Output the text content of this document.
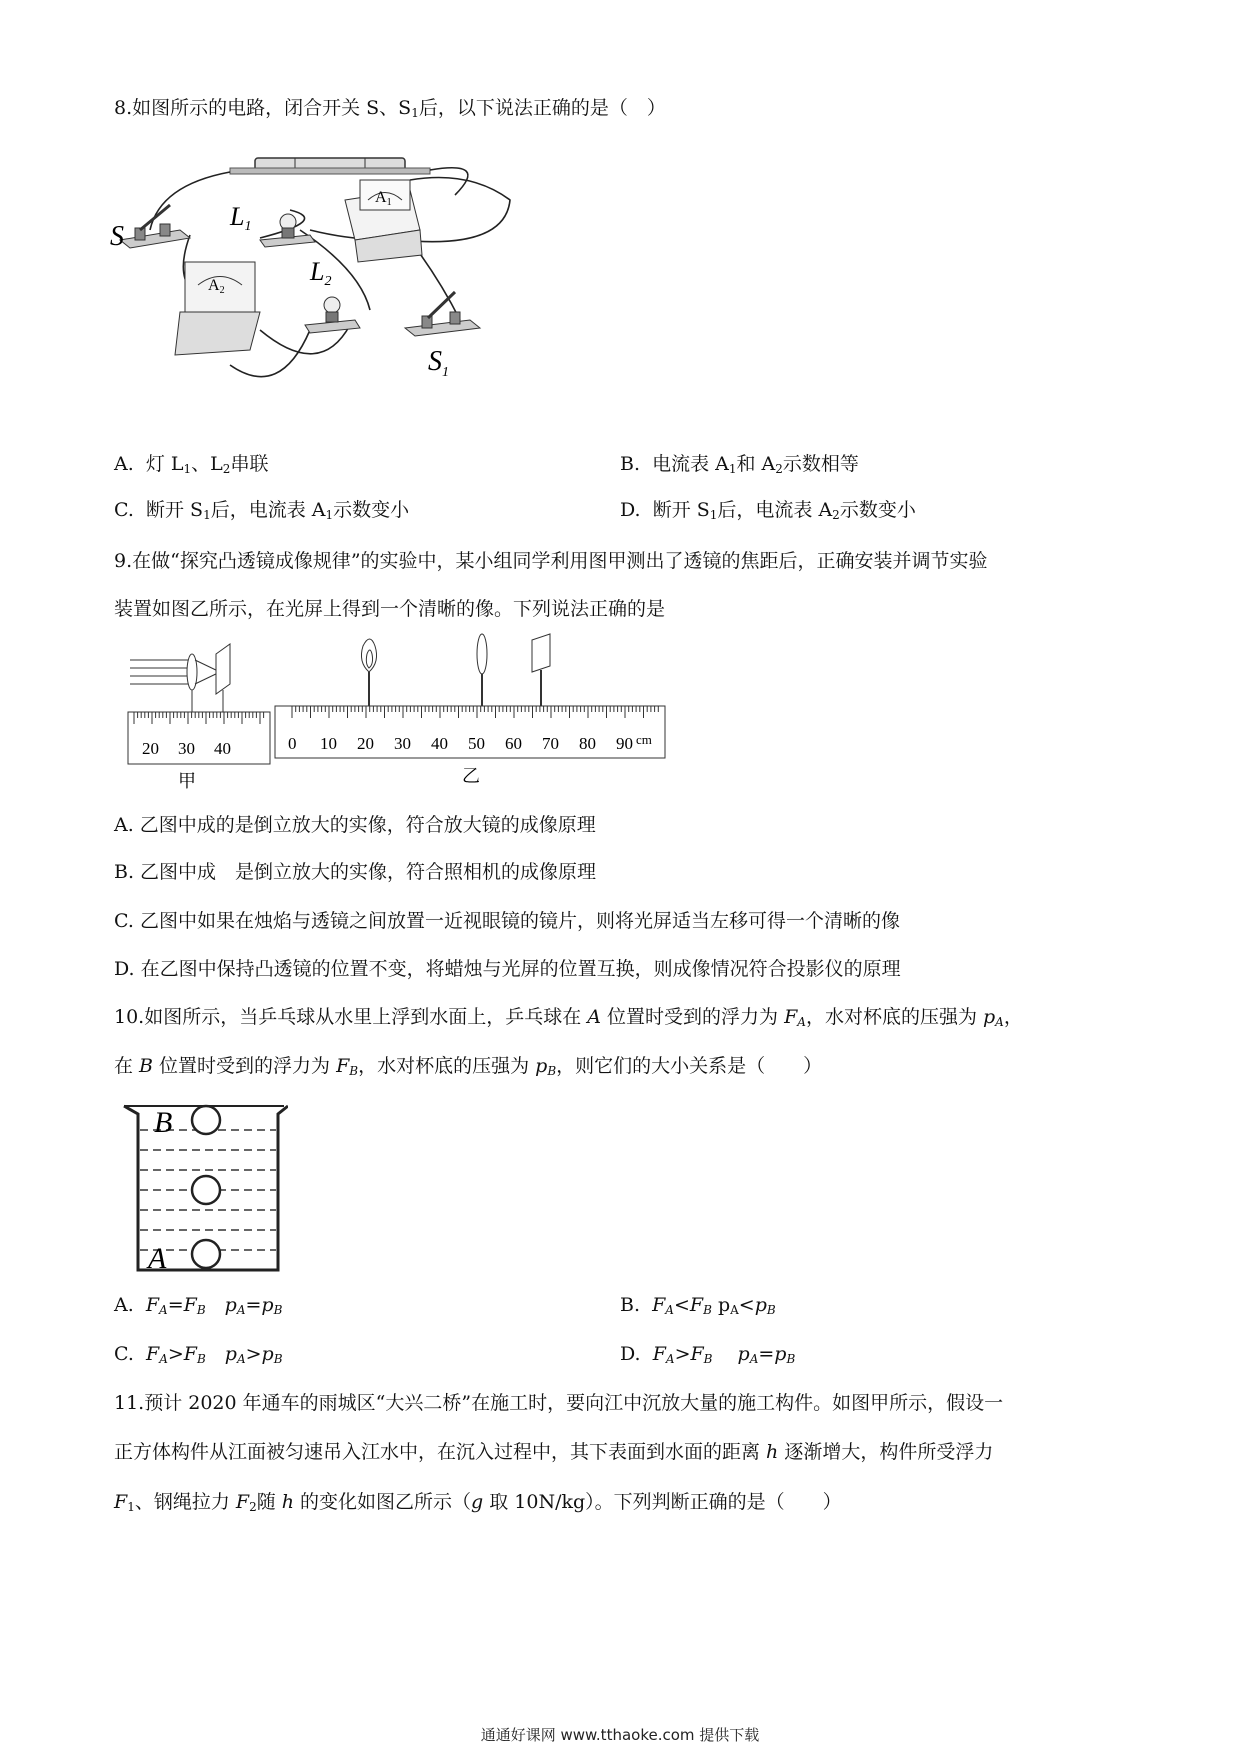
8.如图所示的电路，闭合开关 S、$S_1$后，以下说法正确的是（　）
S
L1
A1
A2
L2
$S_1$
A. 灯 $L_1$、$L_2$串联	B. 电流表 $A_1$和 $A_2$示数相等
C. 断开 $S_1$后，电流表 $A_1$示数变小	D. 断开 $S_1$后，电流表 $A_2$示数变小
9.在做“探究凸透镜成像规律”的实验中，某小组同学利用图甲测出了透镜的焦距后，正确安装并调节实验
装置如图乙所示，在光屏上得到一个清晰的像。下列说法正确的是
20 30 40
甲
0 10 20 30 40 50 60 70 80 90 cm
乙
A. 乙图中成的是倒立放大的实像，符合放大镜的成像原理
B. 乙图中成　是倒立放大的实像，符合照相机的成像原理
C. 乙图中如果在烛焰与透镜之间放置一近视眼镜的镜片，则将光屏适当左移可得一个清晰的像
D. 在乙图中保持凸透镜的位置不变，将蜡烛与光屏的位置互换，则成像情况符合投影仪的原理
10.如图所示，当乒乓球从水里上浮到水面上，乒乓球在 A 位置时受到的浮力为 $F_A$，水对杯底的压强为 $p_A$，
在 B 位置时受到的浮力为 $F_B$，水对杯底的压强为 $p_B$，则它们的大小关系是（　　）
B
A
A. $F_A=F_B$　$p_A=p_B$	B. $F_A<F_B$ $p_A<p_B$
C. $F_A>F_B$　$p_A>p_B$	D. $F_A>F_B$　 $p_A=p_B$
11.预计 2020 年通车的雨城区“大兴二桥”在施工时，要向江中沉放大量的施工构件。如图甲所示，假设一
正方体构件从江面被匀速吊入江水中，在沉入过程中，其下表面到水面的距离 h 逐渐增大，构件所受浮力
$F_1$、钢绳拉力 $F_2$随 h 的变化如图乙所示（g 取 10N/kg）。下列判断正确的是（　　）
通通好课网 www.tthaoke.com 提供下载
